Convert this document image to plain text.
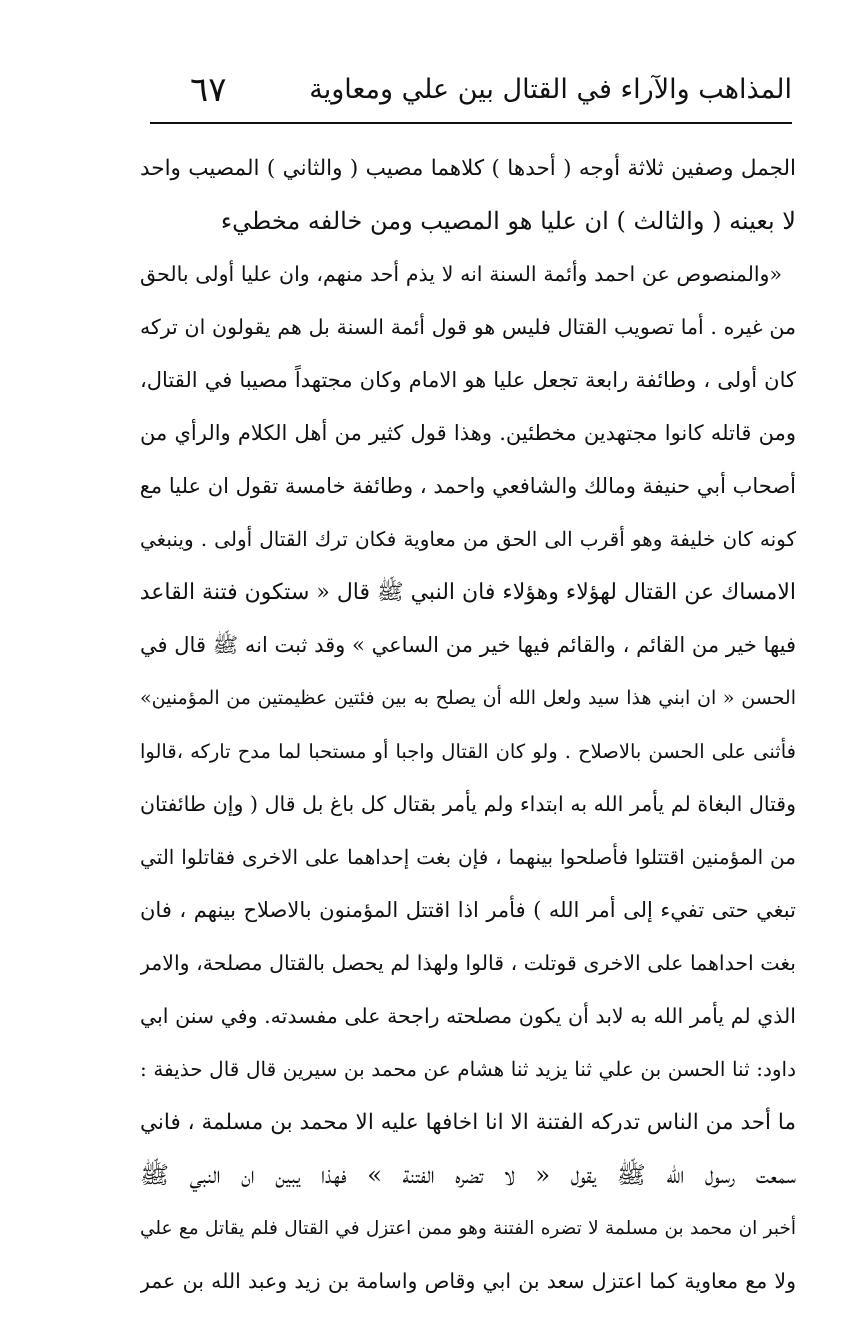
المذاهب والآراء في القتال بين علي ومعاوية
٦٧
الجمل وصفين ثلاثة أوجه ( أحدها ) كلاهما مصيب ( والثاني ) المصيب واحد
لا بعينه ( والثالث ) ان عليا هو المصيب ومن خالفه مخطيء
«والمنصوص عن احمد وأئمة السنة انه لا يذم أحد منهم، وان عليا أولى بالحق
من غيره . أما تصويب القتال فليس هو قول أئمة السنة بل هم يقولون ان تركه
كان أولى ، وطائفة رابعة تجعل عليا هو الامام وكان مجتهداً مصيبا في القتال،
ومن قاتله كانوا مجتهدين مخطئين. وهذا قول كثير من أهل الكلام والرأي من
أصحاب أبي حنيفة ومالك والشافعي واحمد ، وطائفة خامسة تقول ان عليا مع
كونه كان خليفة وهو أقرب الى الحق من معاوية فكان ترك القتال أولى . وينبغي
الامساك عن القتال لهؤلاء وهؤلاء فان النبي ﷺ قال « ستكون فتنة القاعد
فيها خير من القائم ، والقائم فيها خير من الساعي » وقد ثبت انه ﷺ قال في
الحسن « ان ابني هذا سيد ولعل الله أن يصلح به بين فئتين عظيمتين من المؤمنين»
فأثنى على الحسن بالاصلاح . ولو كان القتال واجبا أو مستحبا لما مدح تاركه ،قالوا
وقتال البغاة لم يأمر الله به ابتداء ولم يأمر بقتال كل باغ بل قال ( وإن طائفتان
من المؤمنين اقتتلوا فأصلحوا بينهما ، فإن بغت إحداهما على الاخرى فقاتلوا التي
تبغي حتى تفيء إلى أمر الله ) فأمر اذا اقتتل المؤمنون بالاصلاح بينهم ، فان
بغت احداهما على الاخرى قوتلت ، قالوا ولهذا لم يحصل بالقتال مصلحة، والامر
الذي لم يأمر الله به لابد أن يكون مصلحته راجحة على مفسدته. وفي سنن ابي
داود: ثنا الحسن بن علي ثنا يزيد ثنا هشام عن محمد بن سيرين قال قال حذيفة :
ما أحد من الناس تدركه الفتنة الا انا اخافها عليه الا محمد بن مسلمة ، فاني
سمعت رسول الله ﷺ يقول « لا تضره الفتنة » فهذا يبين ان النبي ﷺ
أخبر ان محمد بن مسلمة لا تضره الفتنة وهو ممن اعتزل في القتال فلم يقاتل مع علي
ولا مع معاوية كما اعتزل سعد بن ابي وقاص واسامة بن زيد وعبد الله بن عمر
